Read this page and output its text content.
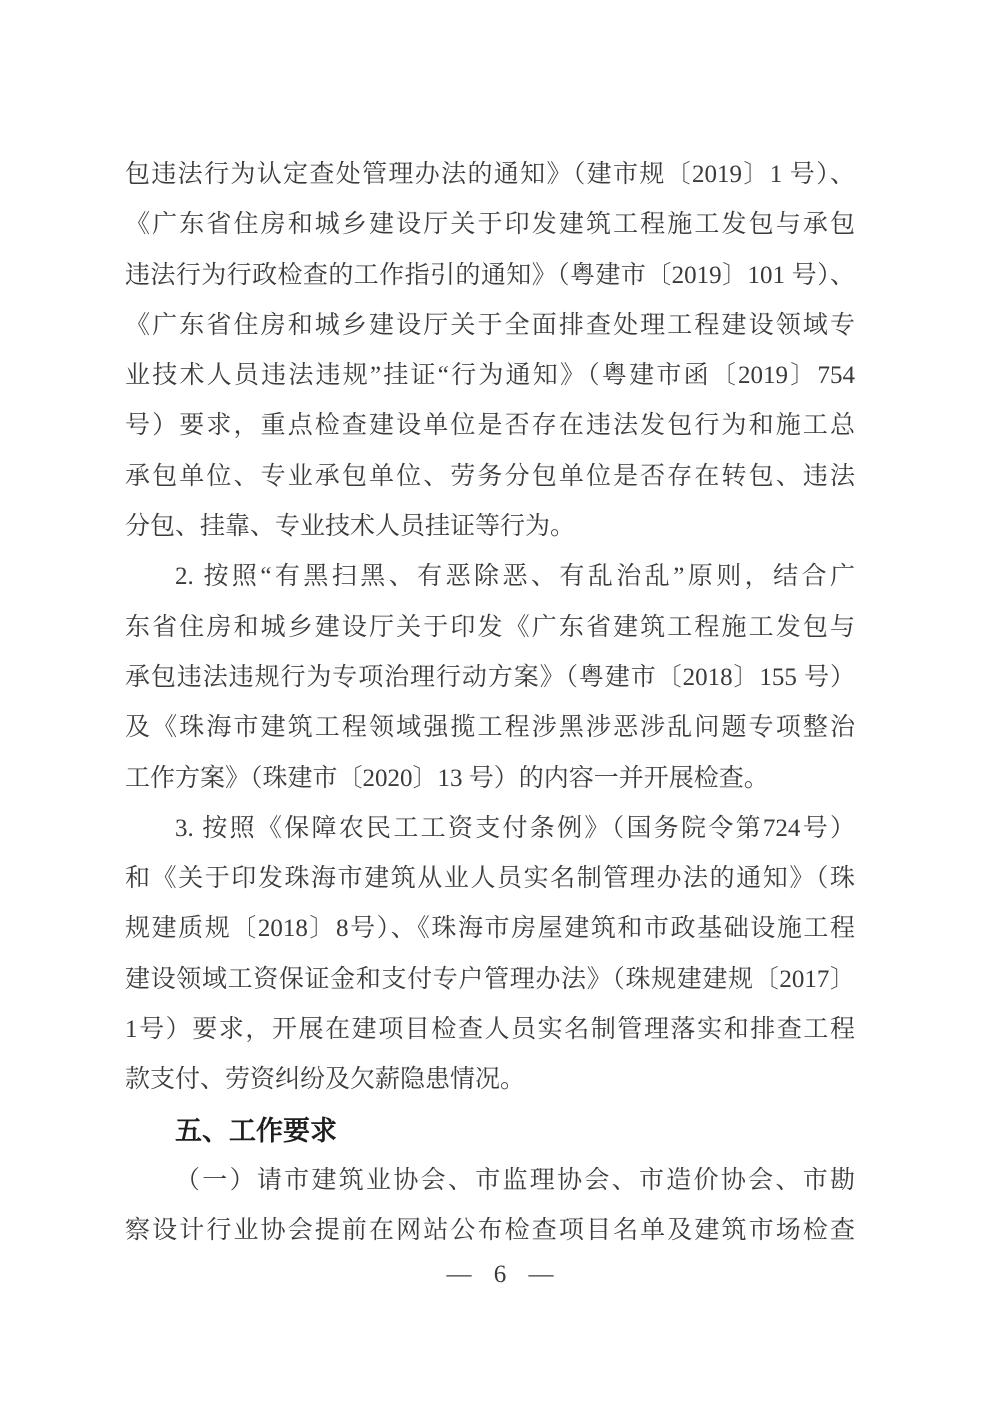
包违法行为认定查处管理办法的通知》（建市规〔2019〕1 号）、
《广东省住房和城乡建设厅关于印发建筑工程施工发包与承包
违法行为行政检查的工作指引的通知》（粤建市〔2019〕101 号）、
《广东省住房和城乡建设厅关于全面排查处理工程建设领域专
业技术人员违法违规”挂证“行为通知》（粤建市函〔2019〕754
号）要求，重点检查建设单位是否存在违法发包行为和施工总
承包单位、专业承包单位、劳务分包单位是否存在转包、违法
分包、挂靠、专业技术人员挂证等行为。
2. 按照“有黑扫黑、有恶除恶、有乱治乱”原则，结合广
东省住房和城乡建设厅关于印发《广东省建筑工程施工发包与
承包违法违规行为专项治理行动方案》（粤建市〔2018〕155 号）
及《珠海市建筑工程领域强揽工程涉黑涉恶涉乱问题专项整治
工作方案》（珠建市〔2020〕13 号）的内容一并开展检查。
3. 按照《保障农民工工资支付条例》（国务院令第724号）
和《关于印发珠海市建筑从业人员实名制管理办法的通知》（珠
规建质规〔2018〕8号）、《珠海市房屋建筑和市政基础设施工程
建设领域工资保证金和支付专户管理办法》（珠规建建规〔2017〕
1号）要求，开展在建项目检查人员实名制管理落实和排查工程
款支付、劳资纠纷及欠薪隐患情况。
五、工作要求
（一）请市建筑业协会、市监理协会、市造价协会、市勘
察设计行业协会提前在网站公布检查项目名单及建筑市场检查
— 6 —
